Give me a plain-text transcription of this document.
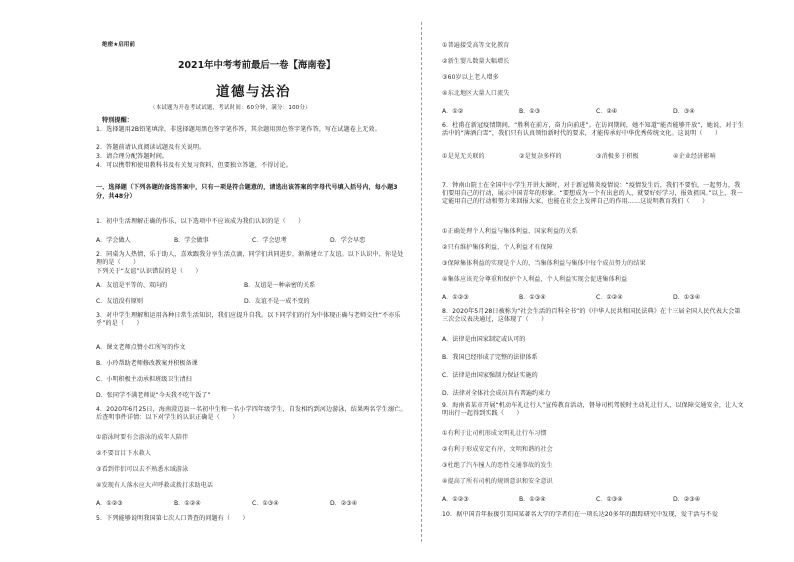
绝密★启用前
2021年中考考前最后一卷【海南卷】
道德与法治
（本试题为开卷考试试题，考试时间：60分钟，满分：100分）
特别提醒：
1．选择题用2B铅笔填涂，非选择题用黑色签字笔作答，其余题用黑色签字笔作答，写在试题卷上无效。
2．答题前请认真阅读试题及有关说明。
3．请合理分配答题时间。
4．可以携带和使用教科书及有关复习资料，但要独立答题，不得讨论。
一、选择题（下列各题的备选答案中，只有一项是符合题意的，请选出该答案的字母代号填入括号内，每小题3分，共48分）
1．初中生活理解正确的作乐，以下选项中不应该成为我们认识的是（　　）
A．学会做人	B．学会做事	C．学会思考	D．学会早恋
2．同桌为人热情，乐于助人，喜欢跟我分享生活点滴，同学们共同进步，渐渐建立了友谊。以下认识中，你是处理的是（　　）
下列关于“友谊”认识错误的是（　　）
A．友谊是平等的、双向的	B．友谊是一种亲密的关系
C．友谊没有原则	D．友谊不是一成不变的
3．对中学生理解和运用各种日常生活知识，我们应提升自我。以下同学们的行为中体现正确与老师交往“不亦乐乎”的是（　　）
A．课文老师点赞小红所写的作文
B．小玲帮助老师修改教案并积极备课
C．小明积极主动承担班级卫生清扫
D．张同学不满老师说“今天我不吃午饭了”
4．2020年6月25日，海南澄迈县一名初中生和一名小学四年级学生，自发相约到河边游泳，结果两名学生溺亡。后查明事件详情：以下对学生的认识正确是（　　）
①游泳时要有会游泳的成年人陪伴
②不要盲目下水救人
③看到伴侣可以去不熟悉水域游泳
④发现有人落水应大声呼救或拨打求助电话
A．①②③	B．①②④	C．①③④	D．②③④
5．下列能够说明我国第七次人口普查的问题有（　　）
①普遍接受高等文化教育
②新生婴儿数量大幅增长
③60岁以上老人增多
④东北地区大量人口流失
A．①②	B．①③	C．②④	D．③④
6．杜甫在新冠疫情期间，“胜利在前方，奋力向前进”。在访问期间，她不知道“能否能够开放”，她说，对于生活中的“薄酒白雪”，我们只有认真领悟新时代的要求，才能传承好中华优秀传统文化。这说明（　　）
①是见无关联的	②是复杂多样的	③消极多于积极	④企业经济影响
7．钟南山院士在全国中小学生开讲大课时，对于新冠肺炎疫情说：“疫情发生后，我们不要怕，一起努力，我们要用自己的行动，展示中国青年的形象。“要想成为一个有出息的人，就要好好学习，报效祖国。”以上，我一定能用自己的行动和努力来回报大家，也能在社会上发挥自己的作用……这说明教育我们（　　）
①正确处理个人利益与集体利益、国家利益的关系
②只有维护集体利益，个人利益才有保障
③保障集体利益的实现是个人的，当集体利益与集体中每个成员努力的结果
④集体应该充分尊重和保护个人利益，个人利益实现会促进集体利益
A．①②③	B．①③④	C．①②④	D．①③④
8．2020年5月28日被称为“社会生活的百科全书”的《中华人民共和国民法典》在十三届全国人民代表大会第三次会议表决通过，这体现了（　　）
A．法律是由国家制定或认可的
B．我国已经形成了完整的法律体系
C．法律是由国家强制力保证实施的
D．法律对全体社会成员具有普遍约束力
9．海南省某市开展“机动车礼让行人”宣传教育活动，督导司机驾驶时主动礼让行人，以保障交通安全，让人文明出行一起得到实践（　　）
①有利于让司机形成文明礼让行车习惯
②有利于形成安定有序，文明和谐的社会
③杜绝了汽车撞人的恶性交通事故的发生
④提高了所有司机的规则意识和安全意识
A．①②③	B．①②④	C．①③④	D．②③④
10．据中国青年报援引美国某著名大学的学者们在一项长达20多年的跟踪研究中发现，爱干活与不爱
